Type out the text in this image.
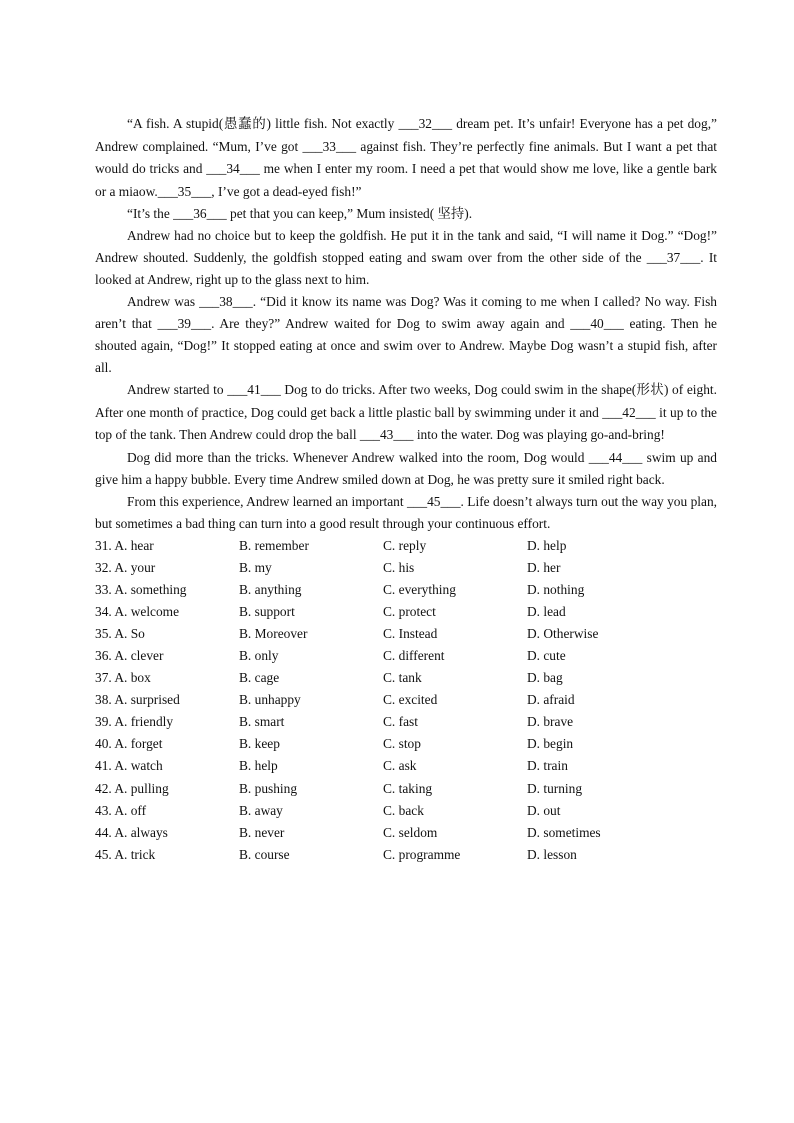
“A fish. A stupid(愚蠢的) little fish. Not exactly ___32___ dream pet. It’s unfair! Everyone has a pet dog,” Andrew complained. “Mum, I’ve got ___33___ against fish. They’re perfectly fine animals. But I want a pet that would do tricks and ___34___ me when I enter my room. I need a pet that would show me love, like a gentle bark or a miaow.___35___, I’ve got a dead-eyed fish!”

“It’s the ___36___ pet that you can keep,” Mum insisted( 坚持).

Andrew had no choice but to keep the goldfish. He put it in the tank and said, “I will name it Dog.” “Dog!” Andrew shouted. Suddenly, the goldfish stopped eating and swam over from the other side of the ___37___. It looked at Andrew, right up to the glass next to him.

Andrew was ___38___. “Did it know its name was Dog? Was it coming to me when I called? No way. Fish aren’t that ___39___. Are they?” Andrew waited for Dog to swim away again and ___40___ eating. Then he shouted again, “Dog!” It stopped eating at once and swim over to Andrew. Maybe Dog wasn’t a stupid fish, after all.

Andrew started to ___41___ Dog to do tricks. After two weeks, Dog could swim in the shape(形状) of eight. After one month of practice, Dog could get back a little plastic ball by swimming under it and ___42___ it up to the top of the tank. Then Andrew could drop the ball ___43___ into the water. Dog was playing go-and-bring!

Dog did more than the tricks. Whenever Andrew walked into the room, Dog would ___44___ swim up and give him a happy bubble. Every time Andrew smiled down at Dog, he was pretty sure it smiled right back.

From this experience, Andrew learned an important ___45___. Life doesn’t always turn out the way you plan, but sometimes a bad thing can turn into a good result through your continuous effort.

31. A. hear	B. remember	C. reply	D. help
32. A. your	B. my	C. his	D. her
33. A. something	B. anything	C. everything	D. nothing
34. A. welcome	B. support	C. protect	D. lead
35. A. So	B. Moreover	C. Instead	D. Otherwise
36. A. clever	B. only	C. different	D. cute
37. A. box	B. cage	C. tank	D. bag
38. A. surprised	B. unhappy	C. excited	D. afraid
39. A. friendly	B. smart	C. fast	D. brave
40. A. forget	B. keep	C. stop	D. begin
41. A. watch	B. help	C. ask	D. train
42. A. pulling	B. pushing	C. taking	D. turning
43. A. off	B. away	C. back	D. out
44. A. always	B. never	C. seldom	D. sometimes
45. A. trick	B. course	C. programme	D. lesson
